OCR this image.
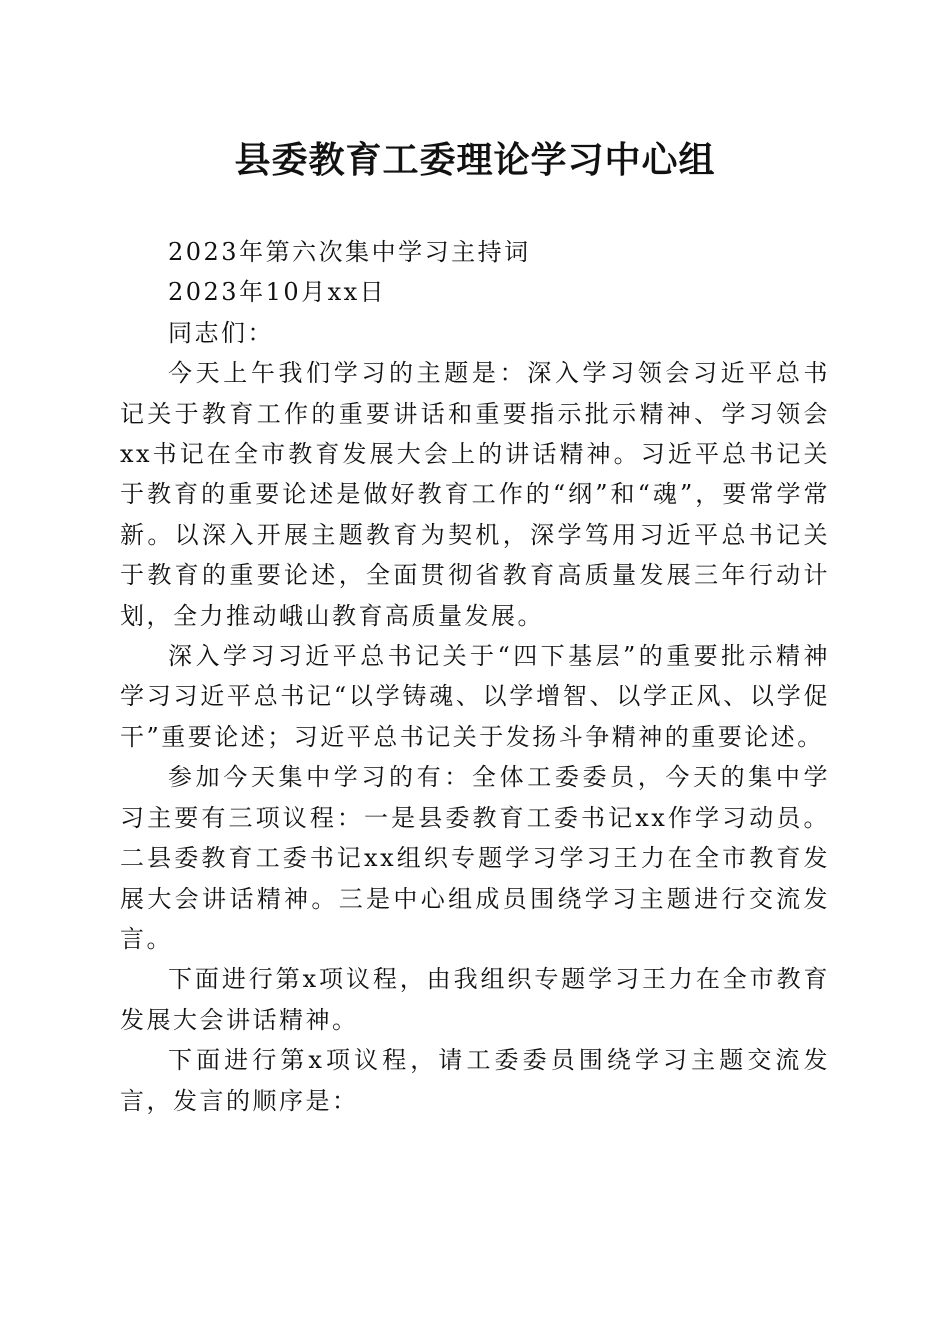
县委教育工委理论学习中心组

2023年第六次集中学习主持词

2023年10月xx日

同志们：

今天上午我们学习的主题是：深入学习领会习近平总书记关于教育工作的重要讲话和重要指示批示精神、学习领会xx书记在全市教育发展大会上的讲话精神。习近平总书记关于教育的重要论述是做好教育工作的“纲”和“魂”，要常学常新。以深入开展主题教育为契机，深学笃用习近平总书记关于教育的重要论述，全面贯彻省教育高质量发展三年行动计划，全力推动峨山教育高质量发展。

深入学习习近平总书记关于“四下基层”的重要批示精神学习习近平总书记“以学铸魂、以学增智、以学正风、以学促干”重要论述；习近平总书记关于发扬斗争精神的重要论述。

参加今天集中学习的有：全体工委委员，今天的集中学习主要有三项议程：一是县委教育工委书记xx作学习动员。二县委教育工委书记xx组织专题学习学习王力在全市教育发展大会讲话精神。三是中心组成员围绕学习主题进行交流发言。

下面进行第x项议程，由我组织专题学习王力在全市教育发展大会讲话精神。

下面进行第x项议程，请工委委员围绕学习主题交流发言，发言的顺序是：
